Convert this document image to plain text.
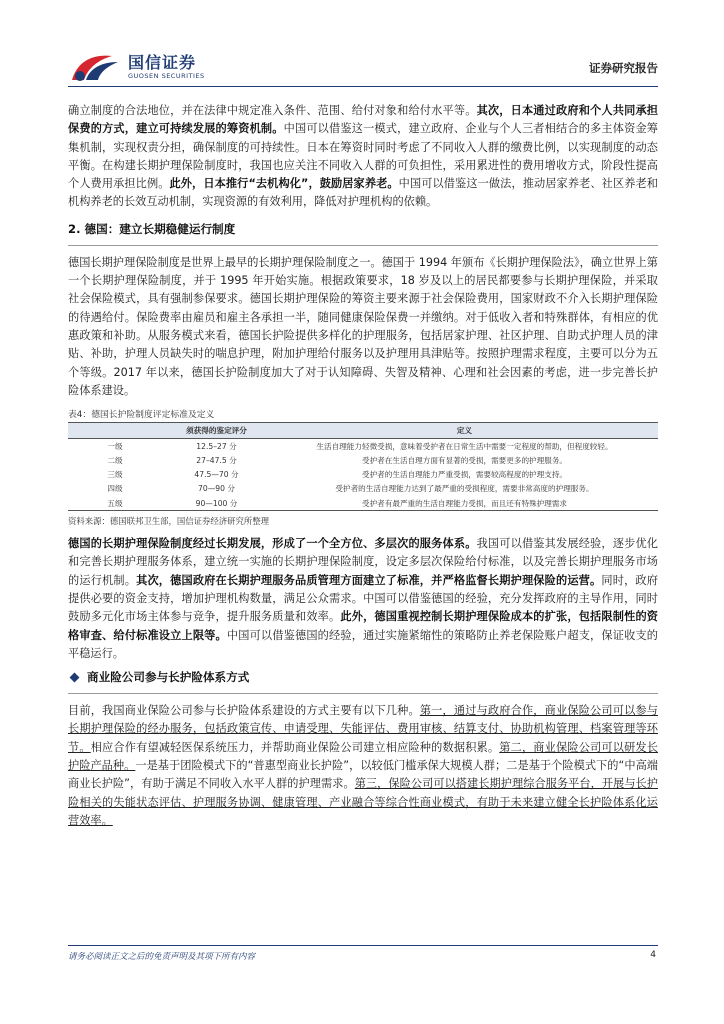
国信证券
GUOSEN SECURITIES
证券研究报告

确立制度的合法地位，并在法律中规定准入条件、范围、给付对象和给付水平等。其次，日本通过政府和个人共同承担保费的方式，建立可持续发展的筹资机制。中国可以借鉴这一模式，建立政府、企业与个人三者相结合的多主体资金筹集机制，实现权责分担，确保制度的可持续性。日本在筹资时同时考虑了不同收入人群的缴费比例，以实现制度的动态平衡。在构建长期护理保险制度时，我国也应关注不同收入人群的可负担性，采用累进性的费用增收方式，阶段性提高个人费用承担比例。此外，日本推行“去机构化”，鼓励居家养老。中国可以借鉴这一做法，推动居家养老、社区养老和机构养老的长效互动机制，实现资源的有效利用，降低对护理机构的依赖。

2. 德国：建立长期稳健运行制度

德国长期护理保险制度是世界上最早的长期护理保险制度之一。德国于 1994 年颁布《长期护理保险法》，确立世界上第一个长期护理保险制度，并于 1995 年开始实施。根据政策要求，18 岁及以上的居民都要参与长期护理保险，并采取社会保险模式，具有强制参保要求。德国长期护理保险的筹资主要来源于社会保险费用，国家财政不介入长期护理保险的待遇给付。保险费率由雇员和雇主各承担一半，随同健康保险保费一并缴纳。对于低收入者和特殊群体，有相应的优惠政策和补助。从服务模式来看，德国长护险提供多样化的护理服务，包括居家护理、社区护理、自助式护理人员的津贴、补助，护理人员缺失时的喘息护理，附加护理给付服务以及护理用具津贴等。按照护理需求程度，主要可以分为五个等级。2017 年以来，德国长护险制度加大了对于认知障碍、失智及精神、心理和社会因素的考虑，进一步完善长护险体系建设。

表4：德国长护险制度评定标准及定义
	须获得的鉴定评分	定义
一级	12.5–27 分	生活自理能力轻微受损，意味着受护者在日常生活中需要一定程度的帮助，但程度较轻。
二级	27–47.5 分	受护者在生活自理方面有显著的受损，需要更多的护理服务。
三级	47.5—70 分	受护者的生活自理能力严重受损，需要较高程度的护理支持。
四级	70—90 分	受护者的生活自理能力达到了最严重的受损程度，需要非常高度的护理服务。
五级	90—100 分	受护者有最严重的生活自理能力受损，而且还有特殊护理需求
资料来源：德国联邦卫生部，国信证券经济研究所整理

德国的长期护理保险制度经过长期发展，形成了一个全方位、多层次的服务体系。我国可以借鉴其发展经验，逐步优化和完善长期护理服务体系，建立统一实施的长期护理保险制度，设定多层次保险给付标准，以及完善长期护理服务市场的运行机制。其次，德国政府在长期护理服务品质管理方面建立了标准，并严格监督长期护理保险的运营。同时，政府提供必要的资金支持，增加护理机构数量，满足公众需求。中国可以借鉴德国的经验，充分发挥政府的主导作用，同时鼓励多元化市场主体参与竞争，提升服务质量和效率。此外，德国重视控制长期护理保险成本的扩张，包括限制性的资格审查、给付标准设立上限等。中国可以借鉴德国的经验，通过实施紧缩性的策略防止养老保险账户超支，保证收支的平稳运行。

商业险公司参与长护险体系方式

目前，我国商业保险公司参与长护险体系建设的方式主要有以下几种。第一，通过与政府合作，商业保险公司可以参与长期护理保险的经办服务，包括政策宣传、申请受理、失能评估、费用审核、结算支付、协助机构管理、档案管理等环节。相应合作有望减轻医保系统压力，并帮助商业保险公司建立相应险种的数据积累。第二，商业保险公司可以研发长护险产品种。一是基于团险模式下的“普惠型商业长护险”，以较低门槛承保大规模人群；二是基于个险模式下的“中高端商业长护险”，有助于满足不同收入水平人群的护理需求。第三，保险公司可以搭建长期护理综合服务平台，开展与长护险相关的失能状态评估、护理服务协调、健康管理、产业融合等综合性商业模式，有助于未来建立健全长护险体系化运营效率。

请务必阅读正文之后的免责声明及其项下所有内容	4
